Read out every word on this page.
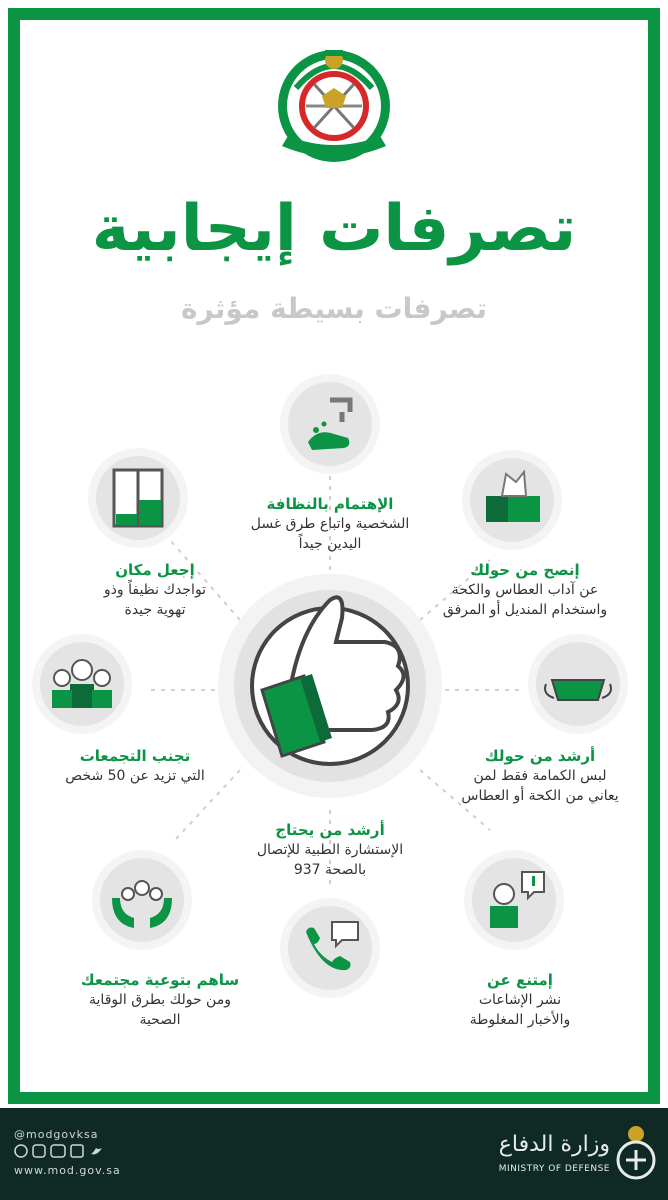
تصرفات إيجابية
تصرفات بسيطة مؤثرة
الإهتمام بالنظافة
الشخصية واتباع طرق غسل
اليدين جيداً
إنصح من حولك
عن آداب العطاس والكحة
واستخدام المنديل أو المرفق
إجعل مكان
تواجدك نظيفاً وذو
تهوية جيدة
أرشد من حولك
لبس الكمامة فقط لمن
يعاني من الكحة أو العطاس
تجنب التجمعات
التي تزيد عن 50 شخص
أرشد من يحتاج
الإستشارة الطبية للإتصال
بالصحة 937
إمتنع عن
نشر الإشاعات
والأخبار المغلوطة
ساهم بتوعية مجتمعك
ومن حولك بطرق الوقاية
الصحية
@modgovksa
www.mod.gov.sa
وزارة الدفاع
MINISTRY OF DEFENSE
